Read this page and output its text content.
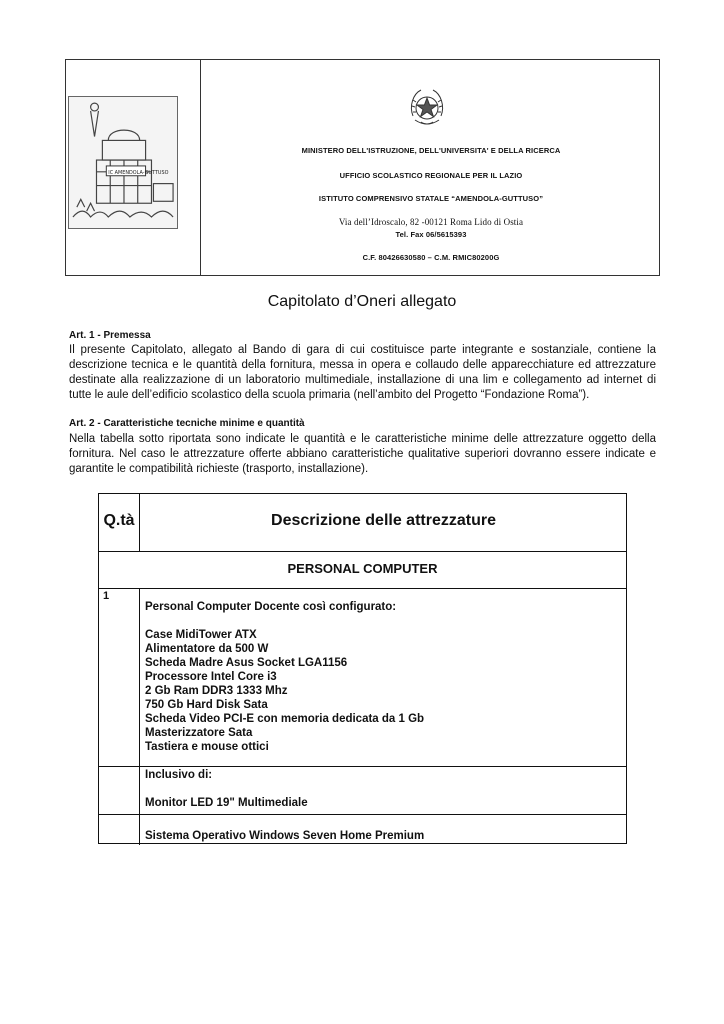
IC AMENDOLA-GUTTUSO
MINISTERO DELL'ISTRUZIONE, DELL'UNIVERSITA' E DELLA RICERCA
UFFICIO SCOLASTICO REGIONALE PER IL LAZIO
ISTITUTO COMPRENSIVO STATALE “AMENDOLA-GUTTUSO”
Via dell’Idroscalo, 82 -00121 Roma Lido di Ostia
Tel. Fax 06/5615393
C.F. 80426630580 – C.M. RMIC80200G
Capitolato d’Oneri allegato
Art. 1 - Premessa
Il presente Capitolato, allegato al Bando di gara di cui costituisce parte integrante e sostanziale, contiene la
descrizione tecnica e le quantità della fornitura, messa in opera e collaudo delle apparecchiature ed attrezzature
destinate alla realizzazione di un laboratorio multimediale, installazione di una lim e collegamento ad internet di
tutte le aule dell’edificio scolastico della scuola primaria (nell’ambito del Progetto “Fondazione Roma”).
Art. 2 - Caratteristiche tecniche minime e quantità
Nella tabella sotto riportata sono indicate le quantità e le caratteristiche minime delle attrezzature oggetto della
fornitura. Nel caso le attrezzature offerte abbiano caratteristiche qualitative superiori dovranno essere indicate e
garantite le compatibilità richieste (trasporto, installazione).
Q.tà	Descrizione delle attrezzature
PERSONAL COMPUTER
1
Personal Computer Docente così configurato:
Case MidiTower ATX
Alimentatore da 500 W
Scheda Madre Asus Socket LGA1156
Processore Intel Core i3
2 Gb Ram DDR3 1333 Mhz
750 Gb Hard Disk Sata
Scheda Video PCI-E con memoria dedicata da 1 Gb
Masterizzatore Sata
Tastiera e mouse ottici
Inclusivo di:
Monitor LED 19" Multimediale
Sistema Operativo Windows Seven Home Premium
